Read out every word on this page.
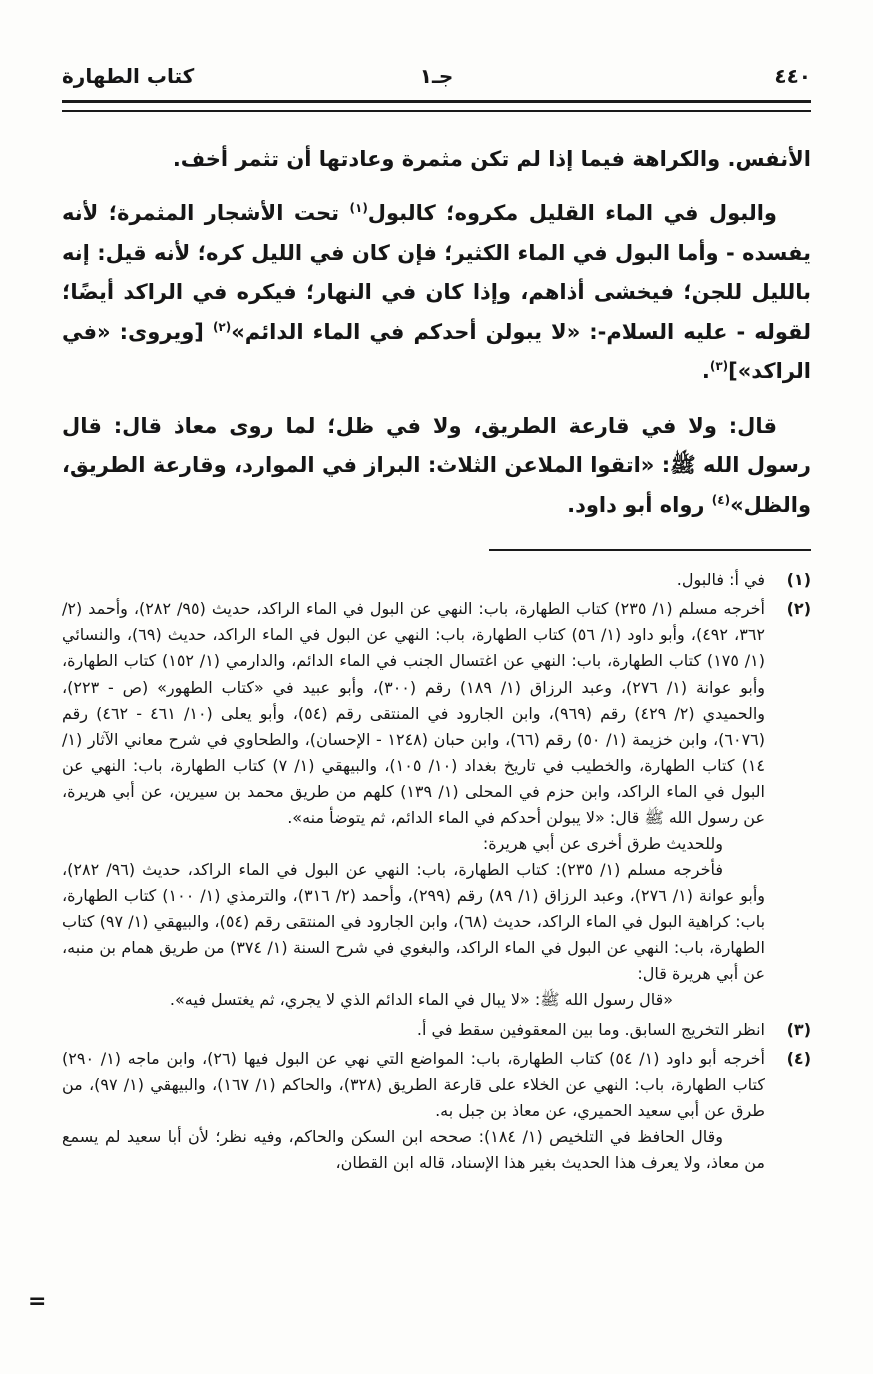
٤٤٠
جـ١
كتاب الطهارة

الأنفس. والكراهة فيما إذا لم تكن مثمرة وعادتها أن تثمر أخف.

والبول في الماء القليل مكروه؛ كالبول$^{(١)}$ تحت الأشجار المثمرة؛ لأنه يفسده - وأما البول في الماء الكثير؛ فإن كان في الليل كره؛ لأنه قيل: إنه بالليل للجن؛ فيخشى أذاهم، وإذا كان في النهار؛ فيكره في الراكد أيضًا؛ لقوله - عليه السلام-: «لا يبولن أحدكم في الماء الدائم»$^{(٢)}$ [ويروى: «في الراكد»]$^{(٣)}$.

قال: ولا في قارعة الطريق، ولا في ظل؛ لما روى معاذ قال: قال رسول الله ﷺ: «اتقوا الملاعن الثلاث: البراز في الموارد، وقارعة الطريق، والظل»$^{(٤)}$ رواه أبو داود.

(١)

في أ: فالبول.

(٢)

أخرجه مسلم (١/ ٢٣٥) كتاب الطهارة، باب: النهي عن البول في الماء الراكد، حديث (٩٥/ ٢٨٢)، وأحمد (٢/ ٣٦٢، ٤٩٢)، وأبو داود (١/ ٥٦) كتاب الطهارة، باب: النهي عن البول في الماء الراكد، حديث (٦٩)، والنسائي (١/ ١٧٥) كتاب الطهارة، باب: النهي عن اغتسال الجنب في الماء الدائم، والدارمي (١/ ١٥٢) كتاب الطهارة، وأبو عوانة (١/ ٢٧٦)، وعبد الرزاق (١/ ١٨٩) رقم (٣٠٠)، وأبو عبيد في «كتاب الطهور» (ص - ٢٢٣)، والحميدي (٢/ ٤٢٩) رقم (٩٦٩)، وابن الجارود في المنتقى رقم (٥٤)، وأبو يعلى (١٠/ ٤٦١ - ٤٦٢) رقم (٦٠٧٦)، وابن خزيمة (١/ ٥٠) رقم (٦٦)، وابن حبان (١٢٤٨ - الإحسان)، والطحاوي في شرح معاني الآثار (١/ ١٤) كتاب الطهارة، والخطيب في تاريخ بغداد (١٠/ ١٠٥)، والبيهقي (١/ ٧) كتاب الطهارة، باب: النهي عن البول في الماء الراكد، وابن حزم في المحلى (١/ ١٣٩) كلهم من طريق محمد بن سيرين، عن أبي هريرة، عن رسول الله ﷺ قال: «لا يبولن أحدكم في الماء الدائم، ثم يتوضأ منه».

وللحديث طرق أخرى عن أبي هريرة:

فأخرجه مسلم (١/ ٢٣٥): كتاب الطهارة، باب: النهي عن البول في الماء الراكد، حديث (٩٦/ ٢٨٢)، وأبو عوانة (١/ ٢٧٦)، وعبد الرزاق (١/ ٨٩) رقم (٢٩٩)، وأحمد (٢/ ٣١٦)، والترمذي (١/ ١٠٠) كتاب الطهارة، باب: كراهية البول في الماء الراكد، حديث (٦٨)، وابن الجارود في المنتقى رقم (٥٤)، والبيهقي (١/ ٩٧) كتاب الطهارة، باب: النهي عن البول في الماء الراكد، والبغوي في شرح السنة (١/ ٣٧٤) من طريق همام بن منبه، عن أبي هريرة قال:

«قال رسول الله ﷺ: «لا يبال في الماء الدائم الذي لا يجري، ثم يغتسل فيه».

(٣)

انظر التخريج السابق. وما بين المعقوفين سقط في أ.

(٤)

أخرجه أبو داود (١/ ٥٤) كتاب الطهارة، باب: المواضع التي نهي عن البول فيها (٢٦)، وابن ماجه (١/ ٢٩٠) كتاب الطهارة، باب: النهي عن الخلاء على قارعة الطريق (٣٢٨)، والحاكم (١/ ١٦٧)، والبيهقي (١/ ٩٧)، من طرق عن أبي سعيد الحميري، عن معاذ بن جبل به.

وقال الحافظ في التلخيص (١/ ١٨٤): صححه ابن السكن والحاكم، وفيه نظر؛ لأن أبا سعيد لم يسمع من معاذ، ولا يعرف هذا الحديث بغير هذا الإسناد، قاله ابن القطان،

=
